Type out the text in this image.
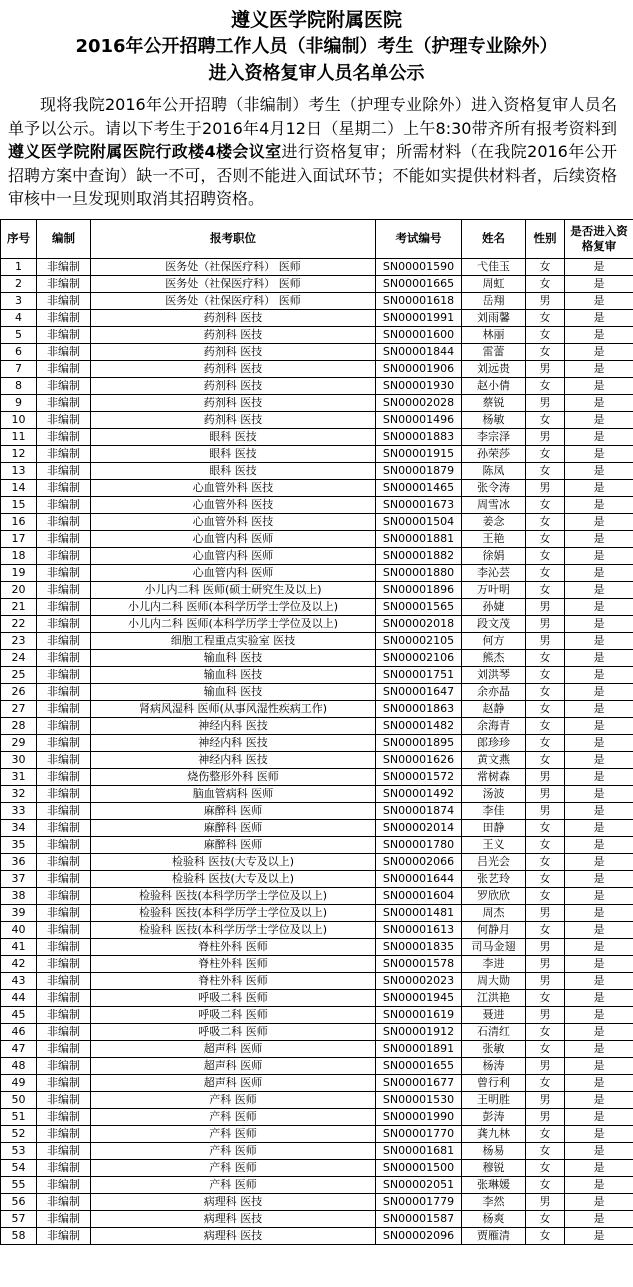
遵义医学院附属医院
2016年公开招聘工作人员（非编制）考生（护理专业除外）
进入资格复审人员名单公示
现将我院2016年公开招聘（非编制）考生（护理专业除外）进入资格复审人员名单予以公示。请以下考生于2016年4月12日（星期二）上午8:30带齐所有报考资料到遵义医学院附属医院行政楼4楼会议室进行资格复审；所需材料（在我院2016年公开招聘方案中查询）缺一不可，否则不能进入面试环节；不能如实提供材料者，后续资格审核中一旦发现则取消其招聘资格。
序号	编制	报考职位	考试编号	姓名	性别	是否进入资格复审
1	非编制	医务处（社保医疗科） 医师	SN00001590	弋佳玉	女	是
2	非编制	医务处（社保医疗科） 医师	SN00001665	周虹	女	是
3	非编制	医务处（社保医疗科） 医师	SN00001618	岳翔	男	是
4	非编制	药剂科 医技	SN00001991	刘雨馨	女	是
5	非编制	药剂科 医技	SN00001600	林丽	女	是
6	非编制	药剂科 医技	SN00001844	雷蕾	女	是
7	非编制	药剂科 医技	SN00001906	刘远贵	男	是
8	非编制	药剂科 医技	SN00001930	赵小倩	女	是
9	非编制	药剂科 医技	SN00002028	蔡锐	男	是
10	非编制	药剂科 医技	SN00001496	杨敏	女	是
11	非编制	眼科 医技	SN00001883	李宗泽	男	是
12	非编制	眼科 医技	SN00001915	孙荣莎	女	是
13	非编制	眼科 医技	SN00001879	陈凤	女	是
14	非编制	心血管外科 医技	SN00001465	张令涛	男	是
15	非编制	心血管外科 医技	SN00001673	周雪冰	女	是
16	非编制	心血管外科 医技	SN00001504	姜念	女	是
17	非编制	心血管内科 医师	SN00001881	王艳	女	是
18	非编制	心血管内科 医师	SN00001882	徐娟	女	是
19	非编制	心血管内科 医师	SN00001880	李沁芸	女	是
20	非编制	小儿内二科 医师(硕士研究生及以上)	SN00001896	万叶明	女	是
21	非编制	小儿内二科 医师(本科学历学士学位及以上)	SN00001565	孙婕	男	是
22	非编制	小儿内二科 医师(本科学历学士学位及以上)	SN00002018	段文茂	男	是
23	非编制	细胞工程重点实验室 医技	SN00002105	何方	男	是
24	非编制	输血科 医技	SN00002106	熊杰	女	是
25	非编制	输血科 医技	SN00001751	刘洪琴	女	是
26	非编制	输血科 医技	SN00001647	余亦晶	女	是
27	非编制	肾病风湿科 医师(从事风湿性疾病工作)	SN00001863	赵静	女	是
28	非编制	神经内科 医技	SN00001482	余海青	女	是
29	非编制	神经内科 医技	SN00001895	郎珍珍	女	是
30	非编制	神经内科 医技	SN00001626	黄文燕	女	是
31	非编制	烧伤整形外科 医师	SN00001572	常树森	男	是
32	非编制	脑血管病科 医师	SN00001492	汤波	男	是
33	非编制	麻醉科 医师	SN00001874	李佳	男	是
34	非编制	麻醉科 医师	SN00002014	田静	女	是
35	非编制	麻醉科 医师	SN00001780	王义	女	是
36	非编制	检验科 医技(大专及以上)	SN00002066	吕光会	女	是
37	非编制	检验科 医技(大专及以上)	SN00001644	张艺玲	女	是
38	非编制	检验科 医技(本科学历学士学位及以上)	SN00001604	罗欣欣	女	是
39	非编制	检验科 医技(本科学历学士学位及以上)	SN00001481	周杰	男	是
40	非编制	检验科 医技(本科学历学士学位及以上)	SN00001613	何静月	女	是
41	非编制	脊柱外科 医师	SN00001835	司马金翅	男	是
42	非编制	脊柱外科 医师	SN00001578	李进	男	是
43	非编制	脊柱外科 医师	SN00002023	周大勋	男	是
44	非编制	呼吸二科 医师	SN00001945	江洪艳	女	是
45	非编制	呼吸二科 医师	SN00001619	聂进	男	是
46	非编制	呼吸二科 医师	SN00001912	石清红	女	是
47	非编制	超声科 医师	SN00001891	张敏	女	是
48	非编制	超声科 医师	SN00001655	杨涛	男	是
49	非编制	超声科 医师	SN00001677	曾行利	女	是
50	非编制	产科 医师	SN00001530	王明胜	男	是
51	非编制	产科 医师	SN00001990	彭涛	男	是
52	非编制	产科 医师	SN00001770	龚九林	女	是
53	非编制	产科 医师	SN00001681	杨易	女	是
54	非编制	产科 医师	SN00001500	穆锐	女	是
55	非编制	产科 医师	SN00002051	张琳媛	女	是
56	非编制	病理科 医技	SN00001779	李然	男	是
57	非编制	病理科 医技	SN00001587	杨爽	女	是
58	非编制	病理科 医技	SN00002096	贾雁清	女	是
